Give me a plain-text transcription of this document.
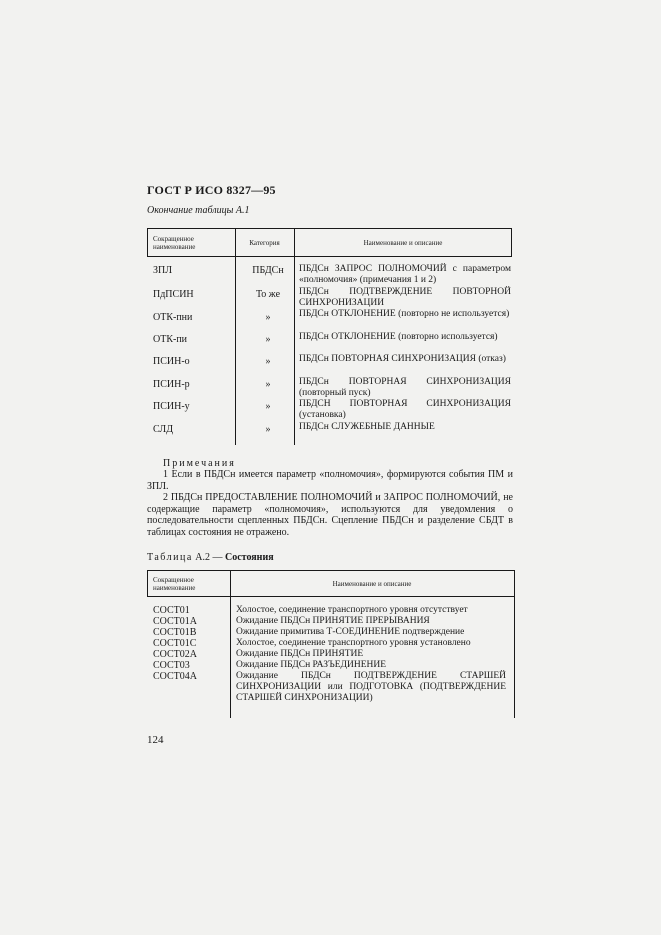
ГОСТ Р ИСО 8327—95
Окончание таблицы А.1
Сокращенное наименование	Категория	Наименование и описание
ЗПЛ	ПБДСн	ПБДСн ЗАПРОС ПОЛНОМОЧИЙ с параметром «полномочия» (примечания 1 и 2)
ПдПСИН	То же	ПБДСн ПОДТВЕРЖДЕНИЕ ПОВТОРНОЙ СИНХРОНИЗАЦИИ
ОТК-пни	»	ПБДСн ОТКЛОНЕНИЕ (повторно не используется)
ОТК-пи	»	ПБДСн ОТКЛОНЕНИЕ (повторно используется)
ПСИН-о	»	ПБДСн ПОВТОРНАЯ СИНХРОНИЗАЦИЯ (отказ)
ПСИН-р	»	ПБДСн ПОВТОРНАЯ СИНХРОНИЗАЦИЯ (повторный пуск)
ПСИН-у	»	ПБДСН ПОВТОРНАЯ СИНХРОНИЗАЦИЯ (установка)
СЛД	»	ПБДСн СЛУЖЕБНЫЕ ДАННЫЕ
Примечания
1 Если в ПБДСн имеется параметр «полномочия», формируются события ПМ и ЗПЛ.
2 ПБДСн ПРЕДОСТАВЛЕНИЕ ПОЛНОМОЧИЙ и ЗАПРОС ПОЛНОМОЧИЙ, не содержащие параметр «полномочия», используются для уведомления о последовательности сцепленных ПБДСн. Сцепление ПБДСн и разделение СБДТ в таблицах состояния не отражено.
Таблица А.2 — Состояния
Сокращенное наименование	Наименование и описание
СОСТ01	Холостое, соединение транспортного уровня отсутствует
СОСТ01А	Ожидание ПБДСн ПРИНЯТИЕ ПРЕРЫВАНИЯ
СОСТ01В	Ожидание примитива Т-СОЕДИНЕНИЕ подтверждение
СОСТ01С	Холостое, соединение транспортного уровня установлено
СОСТ02А	Ожидание ПБДСн ПРИНЯТИЕ
СОСТ03	Ожидание ПБДСн РАЗЪЕДИНЕНИЕ
СОСТ04А	Ожидание ПБДСн ПОДТВЕРЖДЕНИЕ СТАРШЕЙ СИНХРОНИЗАЦИИ или ПОДГОТОВКА (ПОДТВЕРЖДЕНИЕ СТАРШЕЙ СИНХРОНИЗАЦИИ)
124
